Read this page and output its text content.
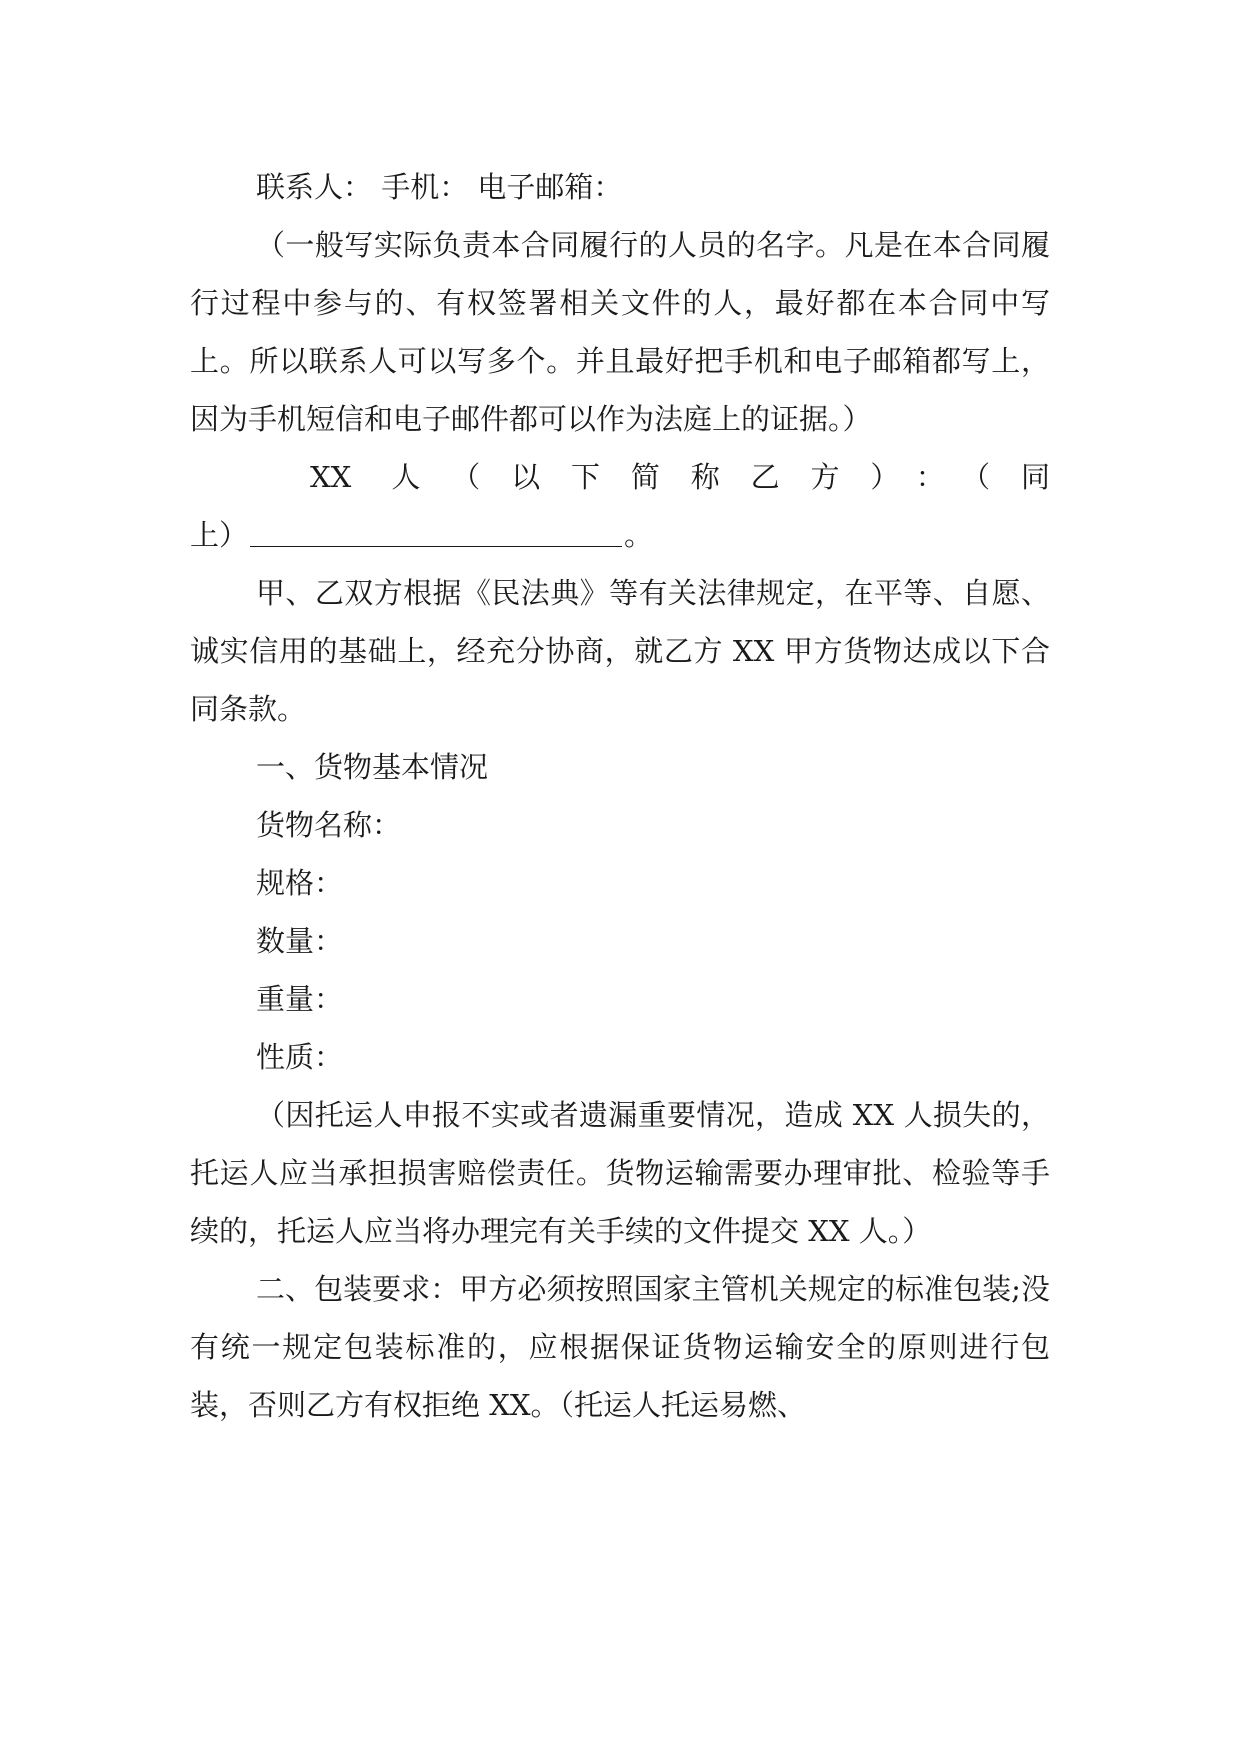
联系人： 手机： 电子邮箱：

（一般写实际负责本合同履行的人员的名字。凡是在本合同履行过程中参与的、有权签署相关文件的人，最好都在本合同中写上。所以联系人可以写多个。并且最好把手机和电子邮箱都写上，因为手机短信和电子邮件都可以作为法庭上的证据。）

XX 人（以下简称乙方）：（同

上）	。

甲、乙双方根据《民法典》等有关法律规定，在平等、自愿、诚实信用的基础上，经充分协商，就乙方 XX 甲方货物达成以下合同条款。

一、货物基本情况

货物名称：

规格：

数量：

重量：

性质：

（因托运人申报不实或者遗漏重要情况，造成 XX 人损失的，托运人应当承担损害赔偿责任。货物运输需要办理审批、检验等手续的，托运人应当将办理完有关手续的文件提交 XX 人。）

二、包装要求：甲方必须按照国家主管机关规定的标准包装;没有统一规定包装标准的，应根据保证货物运输安全的原则进行包装，否则乙方有权拒绝 XX。（托运人托运易燃、
